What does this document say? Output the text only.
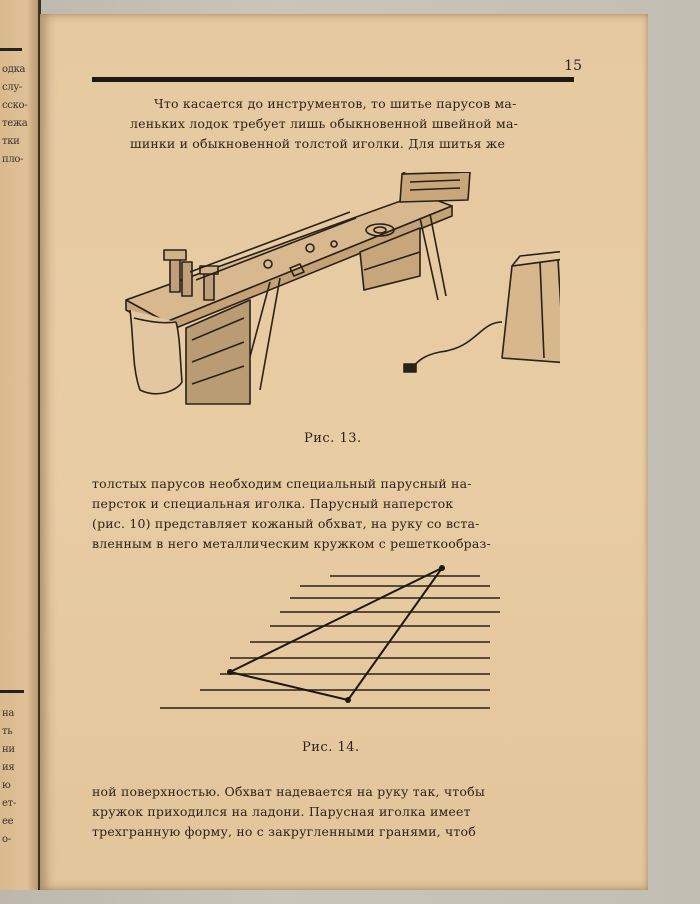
одка
слу-
сско-
тежа
тки
пло-
на
ть
ни
ия
ю
ет-
ее
о-
15
Что касается до инструментов, то шитье парусов ма-
леньких лодок требует лишь обыкновенной швейной ма-
шинки и обыкновенной толстой иголки. Для шитья же
Рис. 13.
толстых парусов необходим специальный парусный на-
персток и специальная иголка. Парусный наперсток
(рис. 10) представляет кожаный обхват, на руку со вста-
вленным в него металлическим кружком с решеткообраз-
Рис. 14.
ной поверхностью. Обхват надевается на руку так, чтобы
кружок приходился на ладони. Парусная иголка имеет
трехгранную форму, но с закругленными гранями, чтоб
